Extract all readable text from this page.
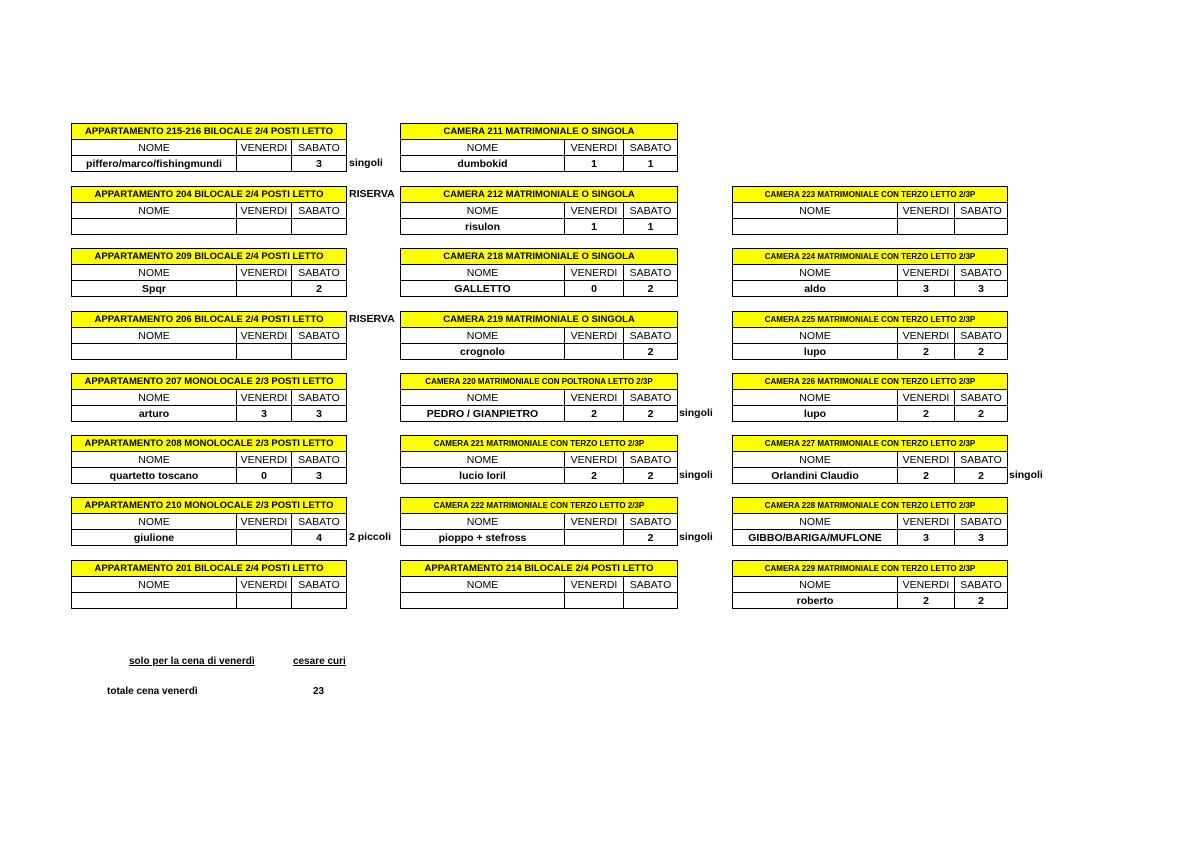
APPARTAMENTO 215-216 BILOCALE 2/4 POSTI LETTO		
NOME	VENERDI	SABATO
piffero/marco/fishingmundi		3	singoli
CAMERA 211 MATRIMONIALE O SINGOLA		
NOME	VENERDI	SABATO
dumbokid	1	1
APPARTAMENTO 204 BILOCALE 2/4 POSTI LETTO		
NOME	VENERDI	SABATO

RISERVA	CAMERA 212 MATRIMONIALE O SINGOLA		
NOME	VENERDI	SABATO
risulon	1	1
CAMERA 223 MATRIMONIALE CON TERZO LETTO 2/3P		
NOME	VENERDI	SABATO

APPARTAMENTO 209 BILOCALE 2/4 POSTI LETTO		
NOME	VENERDI	SABATO
Spqr		2
CAMERA 218 MATRIMONIALE O SINGOLA		
NOME	VENERDI	SABATO
GALLETTO	0	2
CAMERA 224 MATRIMONIALE CON TERZO LETTO 2/3P		
NOME	VENERDI	SABATO
aldo	3	3
APPARTAMENTO 206 BILOCALE 2/4 POSTI LETTO		
NOME	VENERDI	SABATO

RISERVA	CAMERA 219 MATRIMONIALE O SINGOLA		
NOME	VENERDI	SABATO
crognolo		2
CAMERA 225 MATRIMONIALE CON TERZO LETTO 2/3P		
NOME	VENERDI	SABATO
lupo	2	2
APPARTAMENTO 207 MONOLOCALE 2/3 POSTI LETTO		
NOME	VENERDI	SABATO
arturo	3	3
CAMERA 220 MATRIMONIALE CON POLTRONA LETTO 2/3P		
NOME	VENERDI	SABATO
PEDRO / GIANPIETRO	2	2 singoli
CAMERA 226 MATRIMONIALE CON TERZO LETTO 2/3P		
NOME	VENERDI	SABATO
lupo	2	2
APPARTAMENTO 208 MONOLOCALE 2/3 POSTI LETTO		
NOME	VENERDI	SABATO
quartetto toscano	0	3
CAMERA 221 MATRIMONIALE CON TERZO LETTO 2/3P		
NOME	VENERDI	SABATO
lucio loril	2	2 singoli
CAMERA 227 MATRIMONIALE CON TERZO LETTO 2/3P		
NOME	VENERDI	SABATO
Orlandini Claudio	2	2 singoli
APPARTAMENTO 210 MONOLOCALE 2/3 POSTI LETTO		
NOME	VENERDI	SABATO
giulione		4	2 piccoli
CAMERA 222 MATRIMONIALE CON TERZO LETTO 2/3P		
NOME	VENERDI	SABATO
pioppo + stefross		2 singoli
CAMERA 228 MATRIMONIALE CON TERZO LETTO 2/3P		
NOME	VENERDI	SABATO
GIBBO/BARIGA/MUFLONE	3	3
APPARTAMENTO 201 BILOCALE 2/4 POSTI LETTO		
NOME	VENERDI	SABATO

APPARTAMENTO 214 BILOCALE 2/4 POSTI LETTO		
NOME	VENERDI	SABATO

CAMERA 229 MATRIMONIALE CON TERZO LETTO 2/3P		
NOME	VENERDI	SABATO
roberto	2	2
solo per la cena di venerdì	cesare curi
totale cena venerdì	23
